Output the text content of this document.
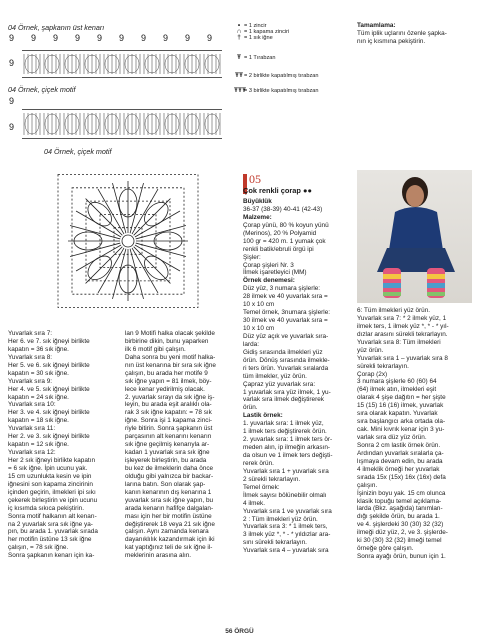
04 Örnek, şapkanın üst kenarı
9 9 9 9 9 9 9 9 9 9
9
04 Örnek, çiçek motif
9
9
04 Örnek, çiçek motif
• = 1 zincir
∩ = 1 kapama zinciri
† = 1 sık iğne
Ŧ = 1 Tırabzan
ŦŦ= 2 birlikte kapatılmış tırabzan
ŦŦŦ= 3 birlikte kapatılmış tırabzan
Tamamlama:
Tüm iplik uçlarını özenle şapka-
nın iç kısmına pekiştirin.
05
Çok renkli çorap ●●
Yuvarlak sıra 7:
Her 6. ve 7. sık iğneyi birlikte
kapatın = 36 sık iğne.
Yuvarlak sıra 8:
Her 5. ve 6. sık iğneyi birlikte
kapatın = 30 sık iğne.
Yuvarlak sıra 9:
Her 4. ve 5. sık iğneyi birlikte
kapatın = 24 sık iğne.
Yuvarlak sıra 10:
Her 3. ve 4. sık iğneyi birlikte
kapatın = 18 sık iğne.
Yuvarlak sıra 11:
Her 2. ve 3. sık iğneyi birlikte
kapatın = 12 sık iğne.
Yuvarlak sıra 12:
Her 2 sık iğneyi birlikte kapatın
= 6 sık iğne. İpin ucunu yak.
15 cm uzunlukta kesin ve ipin
iğnesini son kapama zincirinin
içinden geçirin, ilmekleri ipi sıkı
çekerek birleştirin ve ipin ucunu
iç kısımda sıkıca pekiştirin.
Sonra motif halkanın alt kenarı-
na 2 yuvarlak sıra sık iğne ya-
pın, bu arada 1. yuvarlak sırada
her motifin üstüne 13 sık iğne
çalışın, = 78 sık iğne.
Sonra şapkanın kenarı için ka-
lan 9 Motifi halka olacak şekilde
birbirine dikin, bunu yaparken
ilk 6 motif gibi çalışın.
Daha sonra bu yeni motif halka-
nın üst kenarına bir sıra sık iğne
çalışın, bu arada her motife 9
sık iğne yapın = 81 ilmek, böy-
lece kenar yedirilmiş olacak.
2. yuvarlak sırayı da sık iğne iş-
leyin, bu arada eşit aralıklı ola-
rak 3 sık iğne kapatın: = 78 sık
iğne. Sonra işi 1 kapama zinci-
riyle bitirin. Sonra şapkanın üst
parçasının alt kenarını kenarın
sık iğne geçilmiş kenarıyla ar-
kadan 1 yuvarlak sıra sık iğne
işleyerek birleştirin, bu arada
bu kez de ilmeklerin daha önce
olduğu gibi yalnızca bir backar-
larına batın. Son olarak şap-
kanın kenarının dış kenarına 1
yuvarlak sıra sık iğne yapın, bu
arada kenarın hafifçe dalgalan-
ması için her bir motifin üstüne
değiştirerek 18 veya 21 sık iğne
çalışın. Aynı zamanda kenara
dayanıklılık kazandırmak için iki
kat yaptığınız teli de sık iğne il-
meklerinin arasına alın.
Büyüklük
36-37 (38-39) 40-41 (42-43)
Malzeme:
Çorap yünü, 80 % koyun yünü
(Merinos), 20 % Polyamid
100 gr = 420 m. 1 yumak çok
renkli batik/ebruli örgü ipi
Şişler:
Çorap şişleri Nr. 3
İlmek işaretleyici (MM)
Örnek denemesi:
Düz yüz, 3 numara şişlerle:
28 ilmek ve 40 yuvarlak sıra =
10 x 10 cm
Temel örnek, 3numara şişlerle:
30 ilmek ve 40 yuvarlak sıra =
10 x 10 cm
Düz yüz açık ve yuvarlak sıra-
larda:
Gidiş sırasında ilmekleri yüz
örün. Dönüş sırasında ilmekle-
ri ters örün. Yuvarlak sıralarda
tüm ilmekler, yüz örün.
Çapraz yüz yuvarlak sıra:
1 yuvarlak sıra yüz ilmek, 1 yu-
varlak sıra ilmek değiştirerek
örün.
Lastik örnek:
1. yuvarlak sıra: 1 ilmek yüz,
1 ilmek ters değiştirerek örün.
2. yuvarlak sıra: 1 ilmek ters ör-
meden alın, ip ilmeğin arkasın-
da olsun ve 1 ilmek ters değişti-
rerek örün.
Yuvarlak sıra 1 + yuvarlak sıra
2 sürekli tekrarlayın.
Temel örnek:
İlmek sayısı bölünebilir olmalı
4 ilmek.
Yuvarlak sıra 1 ve yuvarlak sıra
2 : Tüm ilmekleri yüz örün.
Yuvarlak sıra 3: * 1 ilmek ters,
3 ilmek yüz *, * - * yıldızlar ara-
sını sürekli tekrarlayın.
Yuvarlak sıra 4 – yuvarlak sıra
6: Tüm ilmekleri yüz örün.
Yuvarlak sıra 7: * 2 ilmek yüz, 1
ilmek ters, 1 ilmek yüz *, * - * yıl-
dızlar arasını sürekli tekrarlayın.
Yuvarlak sıra 8: Tüm ilmekleri
yüz örün.
Yuvarlak sıra 1 – yuvarlak sıra 8
sürekli tekrarlayın.
Çorap (2x)
3 numara şişlerle 60 (60) 64
(64) ilmek atın, ilmekleri eşit
olarak 4 şişe dağıtın = her şişte
15 (15) 16 (16) ilmek, yuvarlak
sıra olarak kapatın. Yuvarlak
sıra başlangıcı arka ortada ola-
cak. Mini kıvrık kenar için 3 yu-
varlak sıra düz yüz örün.
Sonra 2 cm lastik örnek örün.
Ardından yuvarlak sıralarla ça-
lışmaya devam edin, bu arada
4 ilmeklik örneği her yuvarlak
sırada 15x (15x) 16x (16x) defa
çalışın.
İşinizin boyu yak. 15 cm olunca
klasik topuğu temel açıklama-
larda (Bkz. aşağıda) tanımlan-
dığı şekilde örün, bu arada 1.
ve 4. şişlerdeki 30 (30) 32 (32)
ilmeği düz yüz, 2, ve 3. şişlerde-
ki 30 (30) 32 (32) ilmeği temel
örneğe göre çalışın.
Sonra ayağı örün, bunun için 1.
56 ÖRGÜ
